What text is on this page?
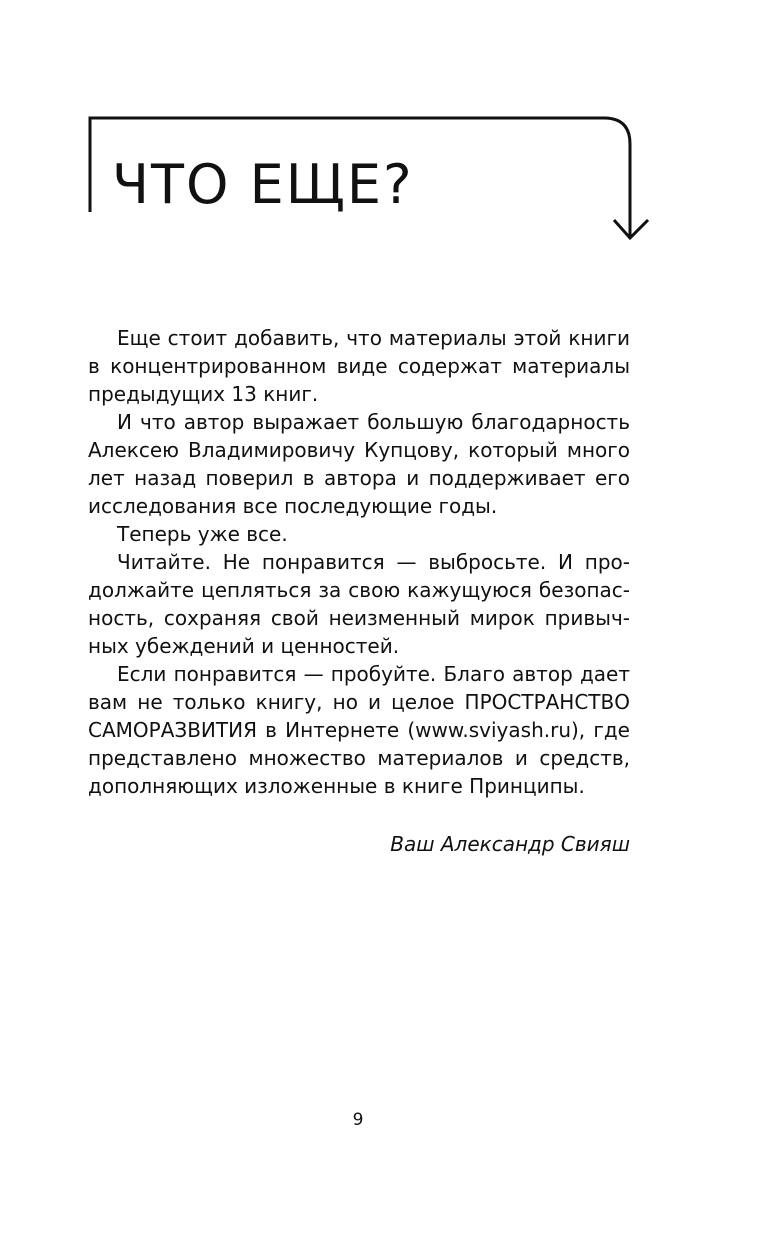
ЧТО ЕЩЕ?

Еще стоит добавить, что материалы этой книги в концентрированном виде содержат материалы предыдущих 13 книг.

И что автор выражает большую благодарность Алексею Владимировичу Купцову, который много лет назад поверил в автора и поддерживает его исследования все последующие годы.

Теперь уже все.

Читайте. Не понравится — выбросьте. И продолжайте цепляться за свою кажущуюся безопасность, сохраняя свой неизменный мирок привычных убеждений и ценностей.

Если понравится — пробуйте. Благо автор дает вам не только книгу, но и целое ПРОСТРАНСТВО САМОРАЗВИТИЯ в Интернете (www.sviyash.ru), где представлено множество материалов и средств, дополняющих изложенные в книге Принципы.

Ваш Александр Свияш
9
